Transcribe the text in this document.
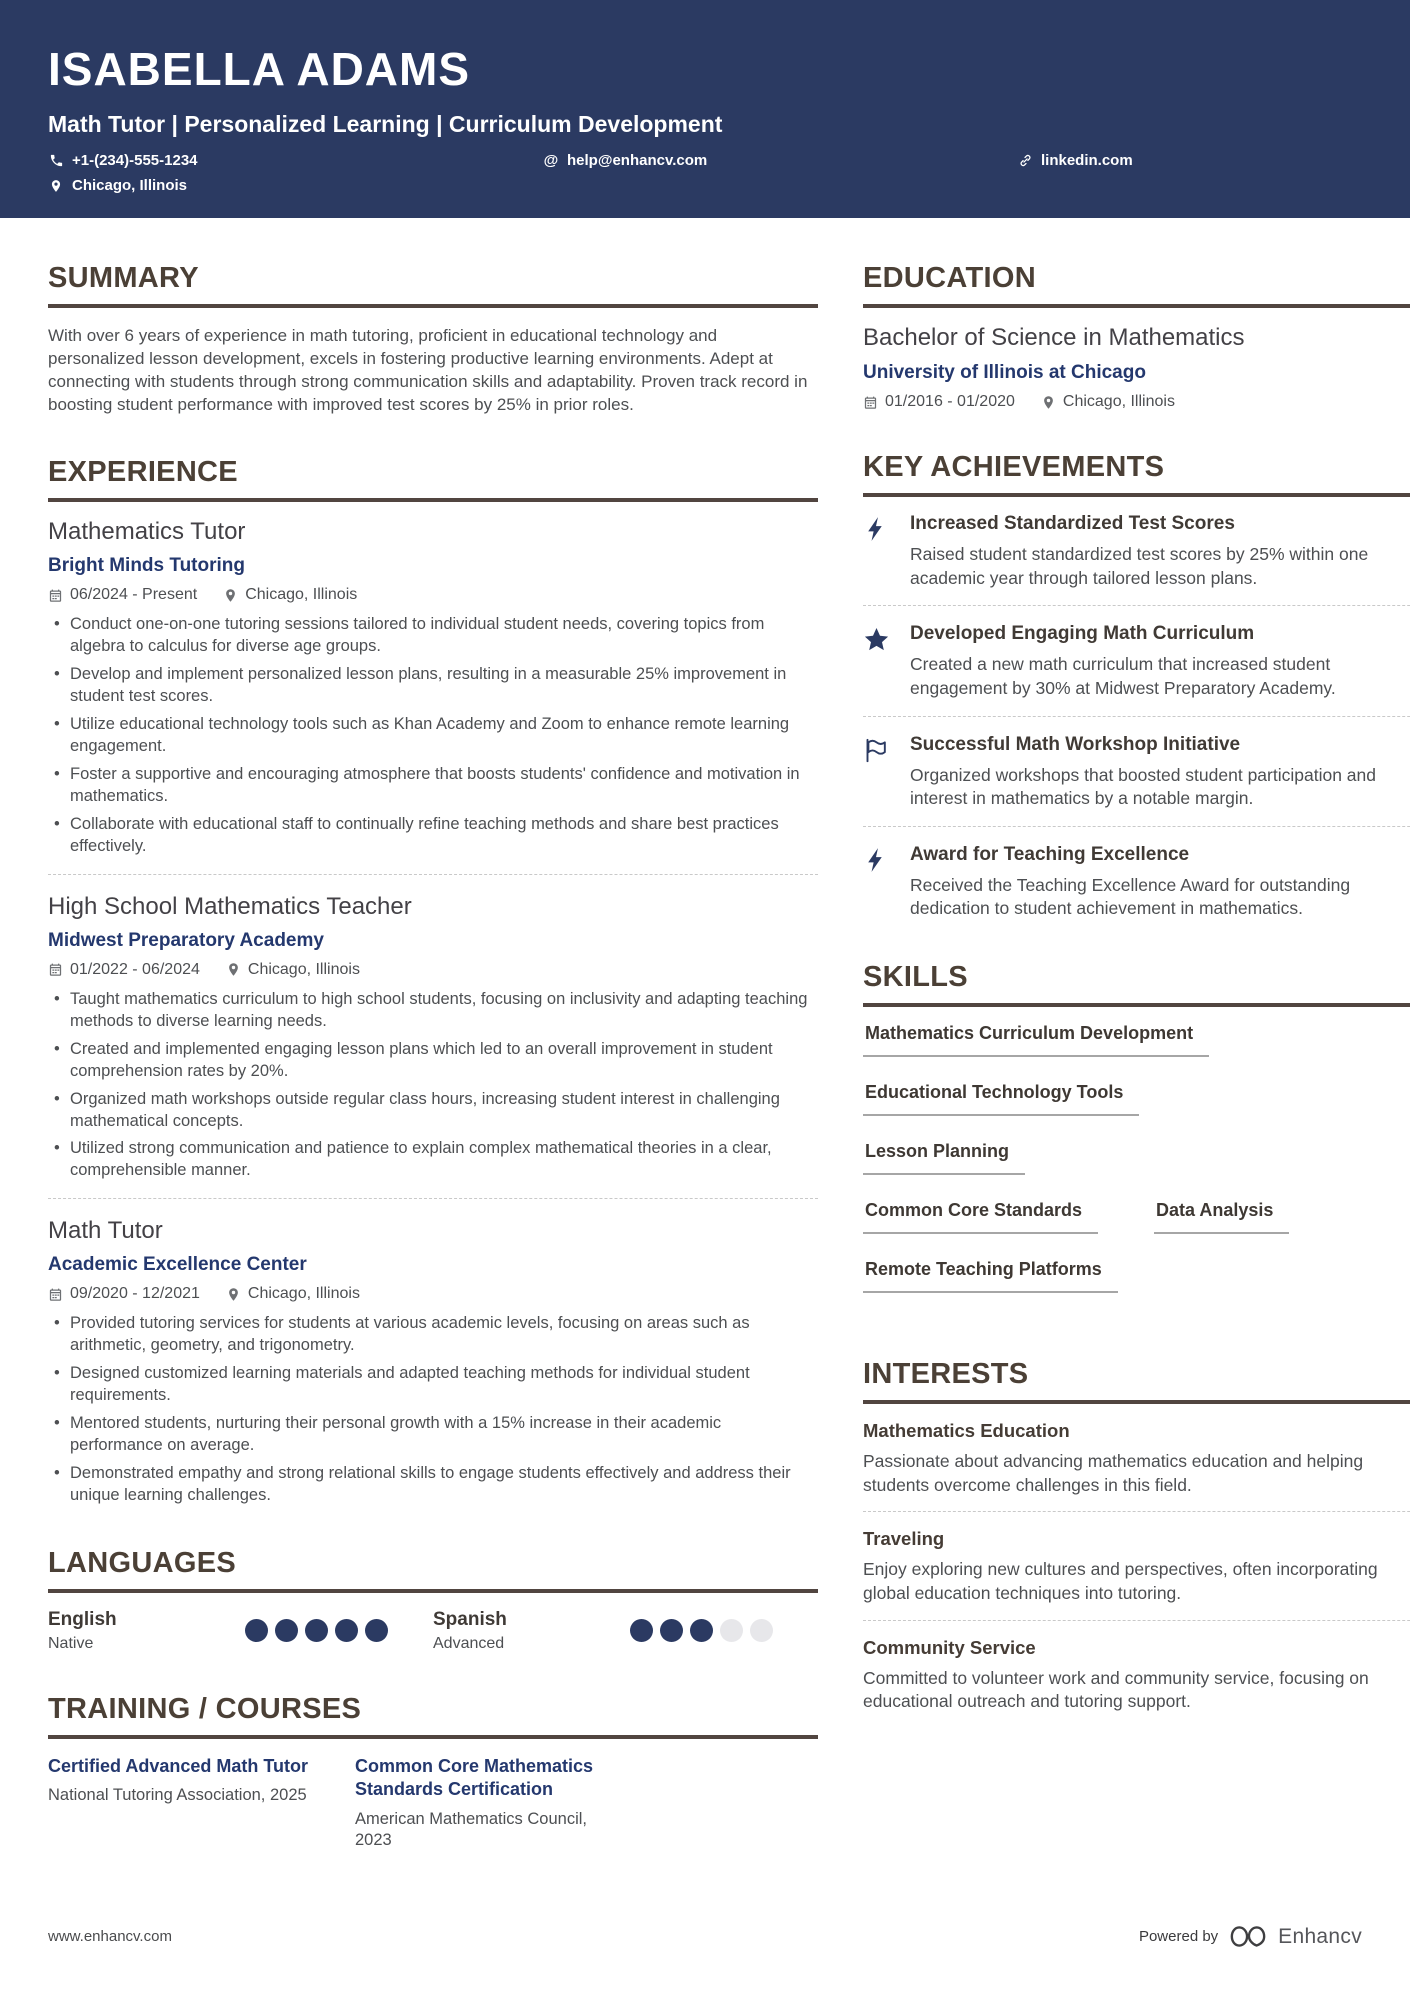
ISABELLA ADAMS
Math Tutor | Personalized Learning | Curriculum Development
+1-(234)-555-1234	@ help@enhancv.com	linkedin.com
Chicago, Illinois
SUMMARY

With over 6 years of experience in math tutoring, proficient in educational technology and personalized lesson development, excels in fostering productive learning environments. Adept at connecting with students through strong communication skills and adaptability. Proven track record in boosting student performance with improved test scores by 25% in prior roles.

EXPERIENCE
Mathematics Tutor
Bright Minds Tutoring
06/2024 - Present	Chicago, Illinois
• Conduct one-on-one tutoring sessions tailored to individual student needs, covering topics from algebra to calculus for diverse age groups.
• Develop and implement personalized lesson plans, resulting in a measurable 25% improvement in student test scores.
• Utilize educational technology tools such as Khan Academy and Zoom to enhance remote learning engagement.
• Foster a supportive and encouraging atmosphere that boosts students' confidence and motivation in mathematics.
• Collaborate with educational staff to continually refine teaching methods and share best practices effectively.
High School Mathematics Teacher
Midwest Preparatory Academy
01/2022 - 06/2024	Chicago, Illinois
• Taught mathematics curriculum to high school students, focusing on inclusivity and adapting teaching methods to diverse learning needs.
• Created and implemented engaging lesson plans which led to an overall improvement in student comprehension rates by 20%.
• Organized math workshops outside regular class hours, increasing student interest in challenging mathematical concepts.
• Utilized strong communication and patience to explain complex mathematical theories in a clear, comprehensible manner.
Math Tutor
Academic Excellence Center
09/2020 - 12/2021	Chicago, Illinois
• Provided tutoring services for students at various academic levels, focusing on areas such as arithmetic, geometry, and trigonometry.
• Designed customized learning materials and adapted teaching methods for individual student requirements.
• Mentored students, nurturing their personal growth with a 15% increase in their academic performance on average.
• Demonstrated empathy and strong relational skills to engage students effectively and address their unique learning challenges.
LANGUAGES
English
Native
Spanish
Advanced
TRAINING / COURSES
Certified Advanced Math Tutor
National Tutoring Association, 2025
Common Core Mathematics Standards Certification
American Mathematics Council, 2023
EDUCATION
Bachelor of Science in Mathematics
University of Illinois at Chicago
01/2016 - 01/2020	Chicago, Illinois
KEY ACHIEVEMENTS
Increased Standardized Test Scores
Raised student standardized test scores by 25% within one academic year through tailored lesson plans.
Developed Engaging Math Curriculum
Created a new math curriculum that increased student engagement by 30% at Midwest Preparatory Academy.
Successful Math Workshop Initiative
Organized workshops that boosted student participation and interest in mathematics by a notable margin.
Award for Teaching Excellence
Received the Teaching Excellence Award for outstanding dedication to student achievement in mathematics.
SKILLS
Mathematics Curriculum Development
Educational Technology Tools
Lesson Planning
Common Core Standards	Data Analysis
Remote Teaching Platforms
INTERESTS
Mathematics Education
Passionate about advancing mathematics education and helping students overcome challenges in this field.
Traveling
Enjoy exploring new cultures and perspectives, often incorporating global education techniques into tutoring.
Community Service
Committed to volunteer work and community service, focusing on educational outreach and tutoring support.
www.enhancv.com	Powered by	Enhancv
